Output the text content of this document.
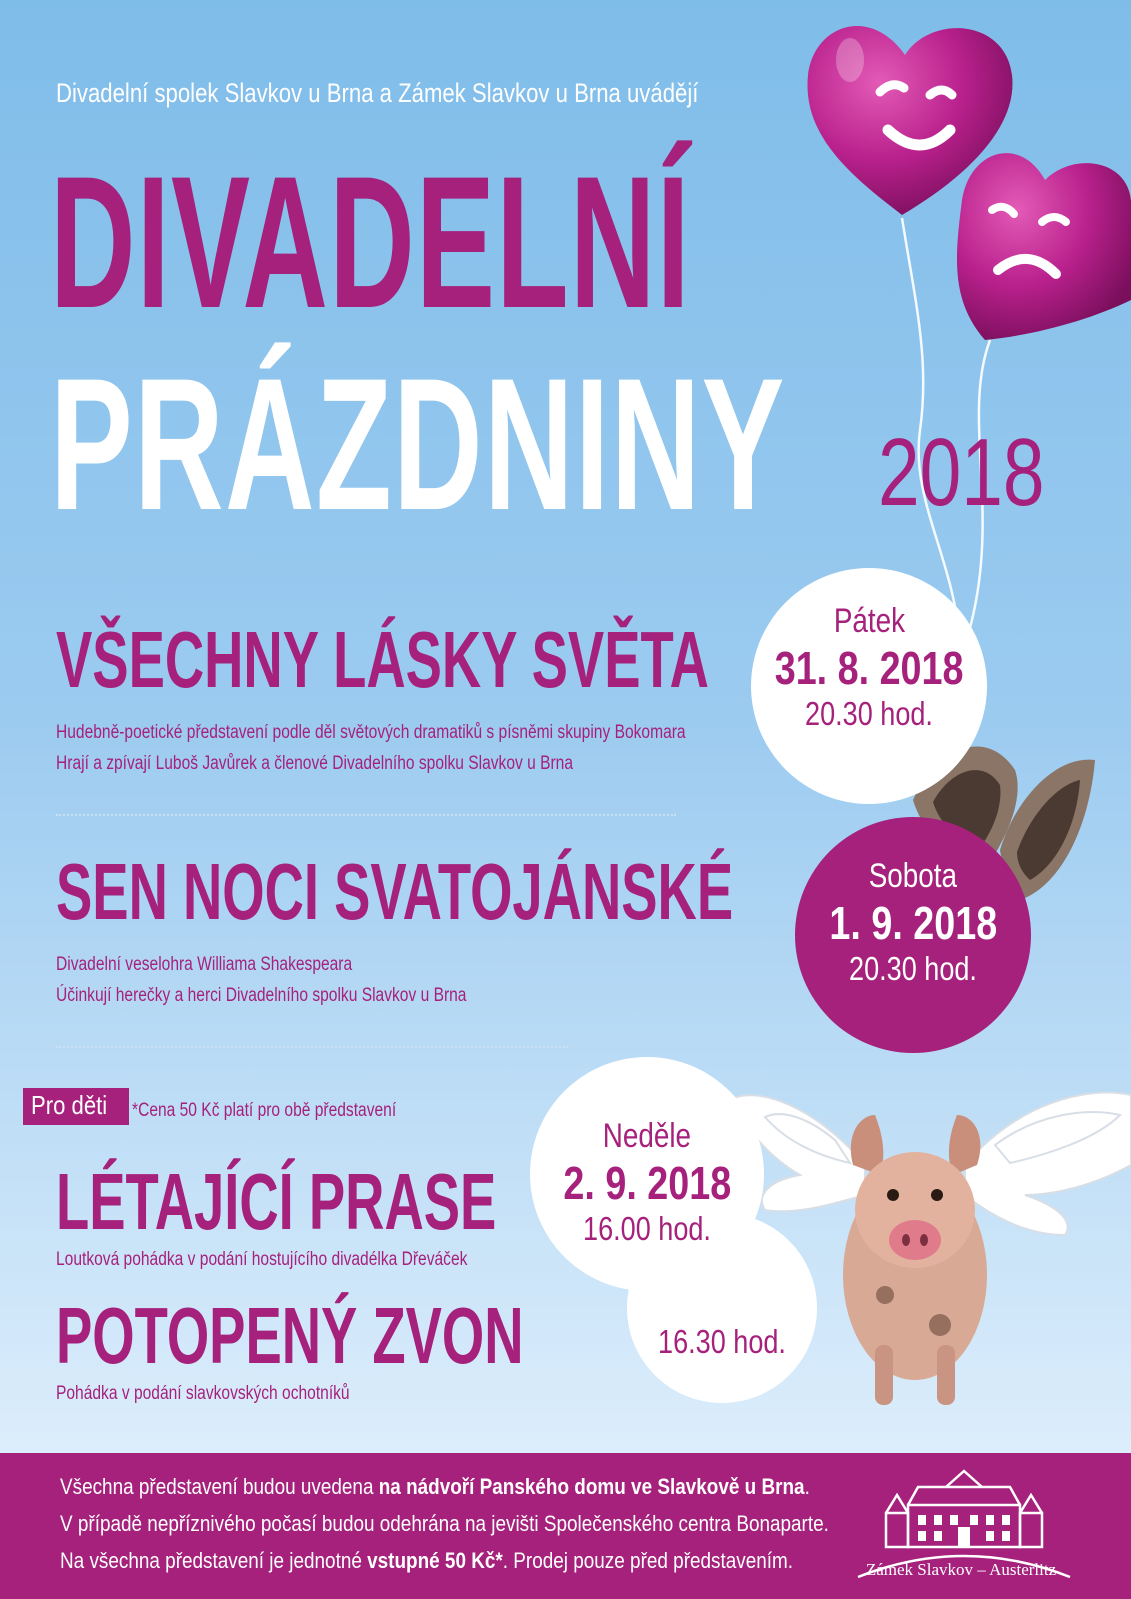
Divadelní spolek Slavkov u Brna a Zámek Slavkov u Brna uvádějí
DIVADELNÍ
PRÁZDNINY 2018
VŠECHNY LÁSKY SVĚTA
Hudebně-poetické představení podle děl světových dramatiků s písněmi skupiny Bokomara
Hrají a zpívají Luboš Javůrek a členové Divadelního spolku Slavkov u Brna
Pátek
31. 8. 2018
20.30 hod.
SEN NOCI SVATOJÁNSKÉ
Divadelní veselohra Williama Shakespeara
Účinkují herečky a herci Divadelního spolku Slavkov u Brna
Sobota
1. 9. 2018
20.30 hod.
Pro děti	*Cena 50 Kč platí pro obě představení
16.30 hod.
Neděle
2. 9. 2018
16.00 hod.
LÉTAJÍCÍ PRASE
Loutková pohádka v podání hostujícího divadélka Dřeváček
POTOPENÝ ZVON
Pohádka v podání slavkovských ochotníků
Všechna představení budou uvedena na nádvoří Panského domu ve Slavkově u Brna.
V případě nepříznivého počasí budou odehrána na jevišti Společenského centra Bonaparte.
Na všechna představení je jednotné vstupné 50 Kč*. Prodej pouze před představením.	Zámek Slavkov – Austerlitz
